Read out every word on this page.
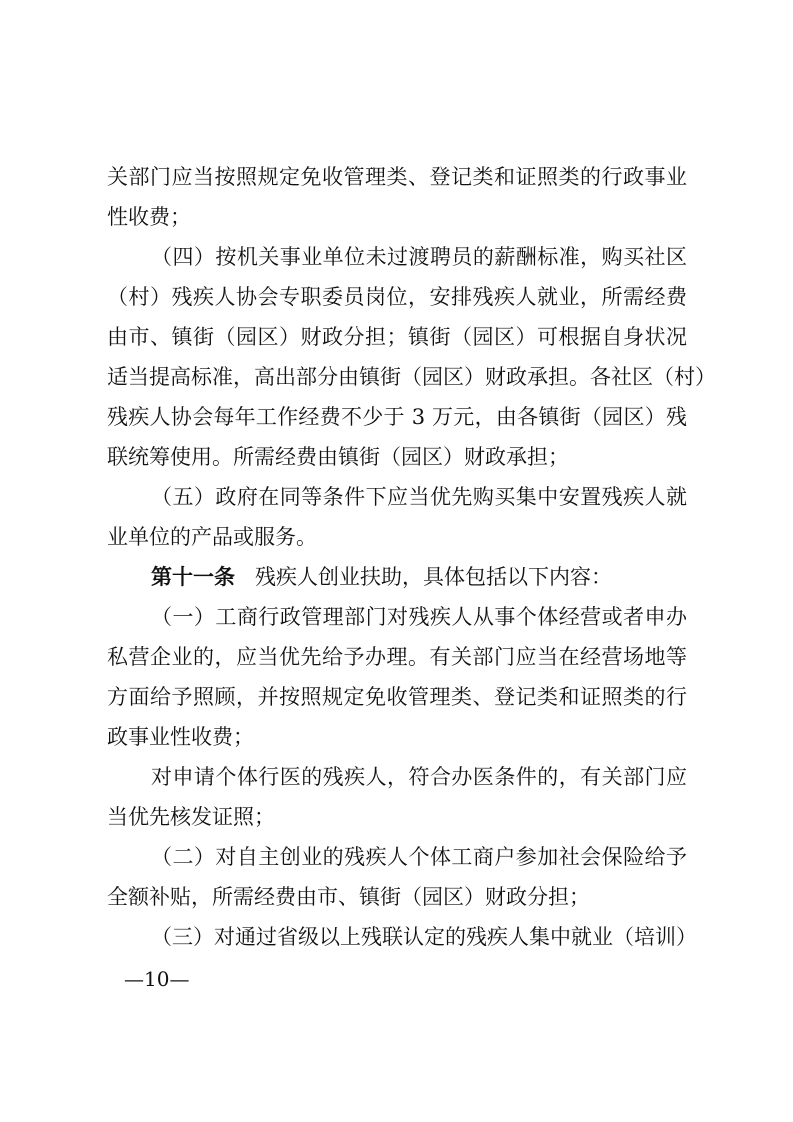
关部门应当按照规定免收管理类、登记类和证照类的行政事业
性收费；
（四）按机关事业单位未过渡聘员的薪酬标准，购买社区
（村）残疾人协会专职委员岗位，安排残疾人就业，所需经费
由市、镇街（园区）财政分担；镇街（园区）可根据自身状况
适当提高标准，高出部分由镇街（园区）财政承担。各社区（村）
残疾人协会每年工作经费不少于 3 万元，由各镇街（园区）残
联统筹使用。所需经费由镇街（园区）财政承担；
（五）政府在同等条件下应当优先购买集中安置残疾人就
业单位的产品或服务。
第十一条 残疾人创业扶助，具体包括以下内容：
（一）工商行政管理部门对残疾人从事个体经营或者申办
私营企业的，应当优先给予办理。有关部门应当在经营场地等
方面给予照顾，并按照规定免收管理类、登记类和证照类的行
政事业性收费；
对申请个体行医的残疾人，符合办医条件的，有关部门应
当优先核发证照；
（二）对自主创业的残疾人个体工商户参加社会保险给予
全额补贴，所需经费由市、镇街（园区）财政分担；
（三）对通过省级以上残联认定的残疾人集中就业（培训）
—10—
